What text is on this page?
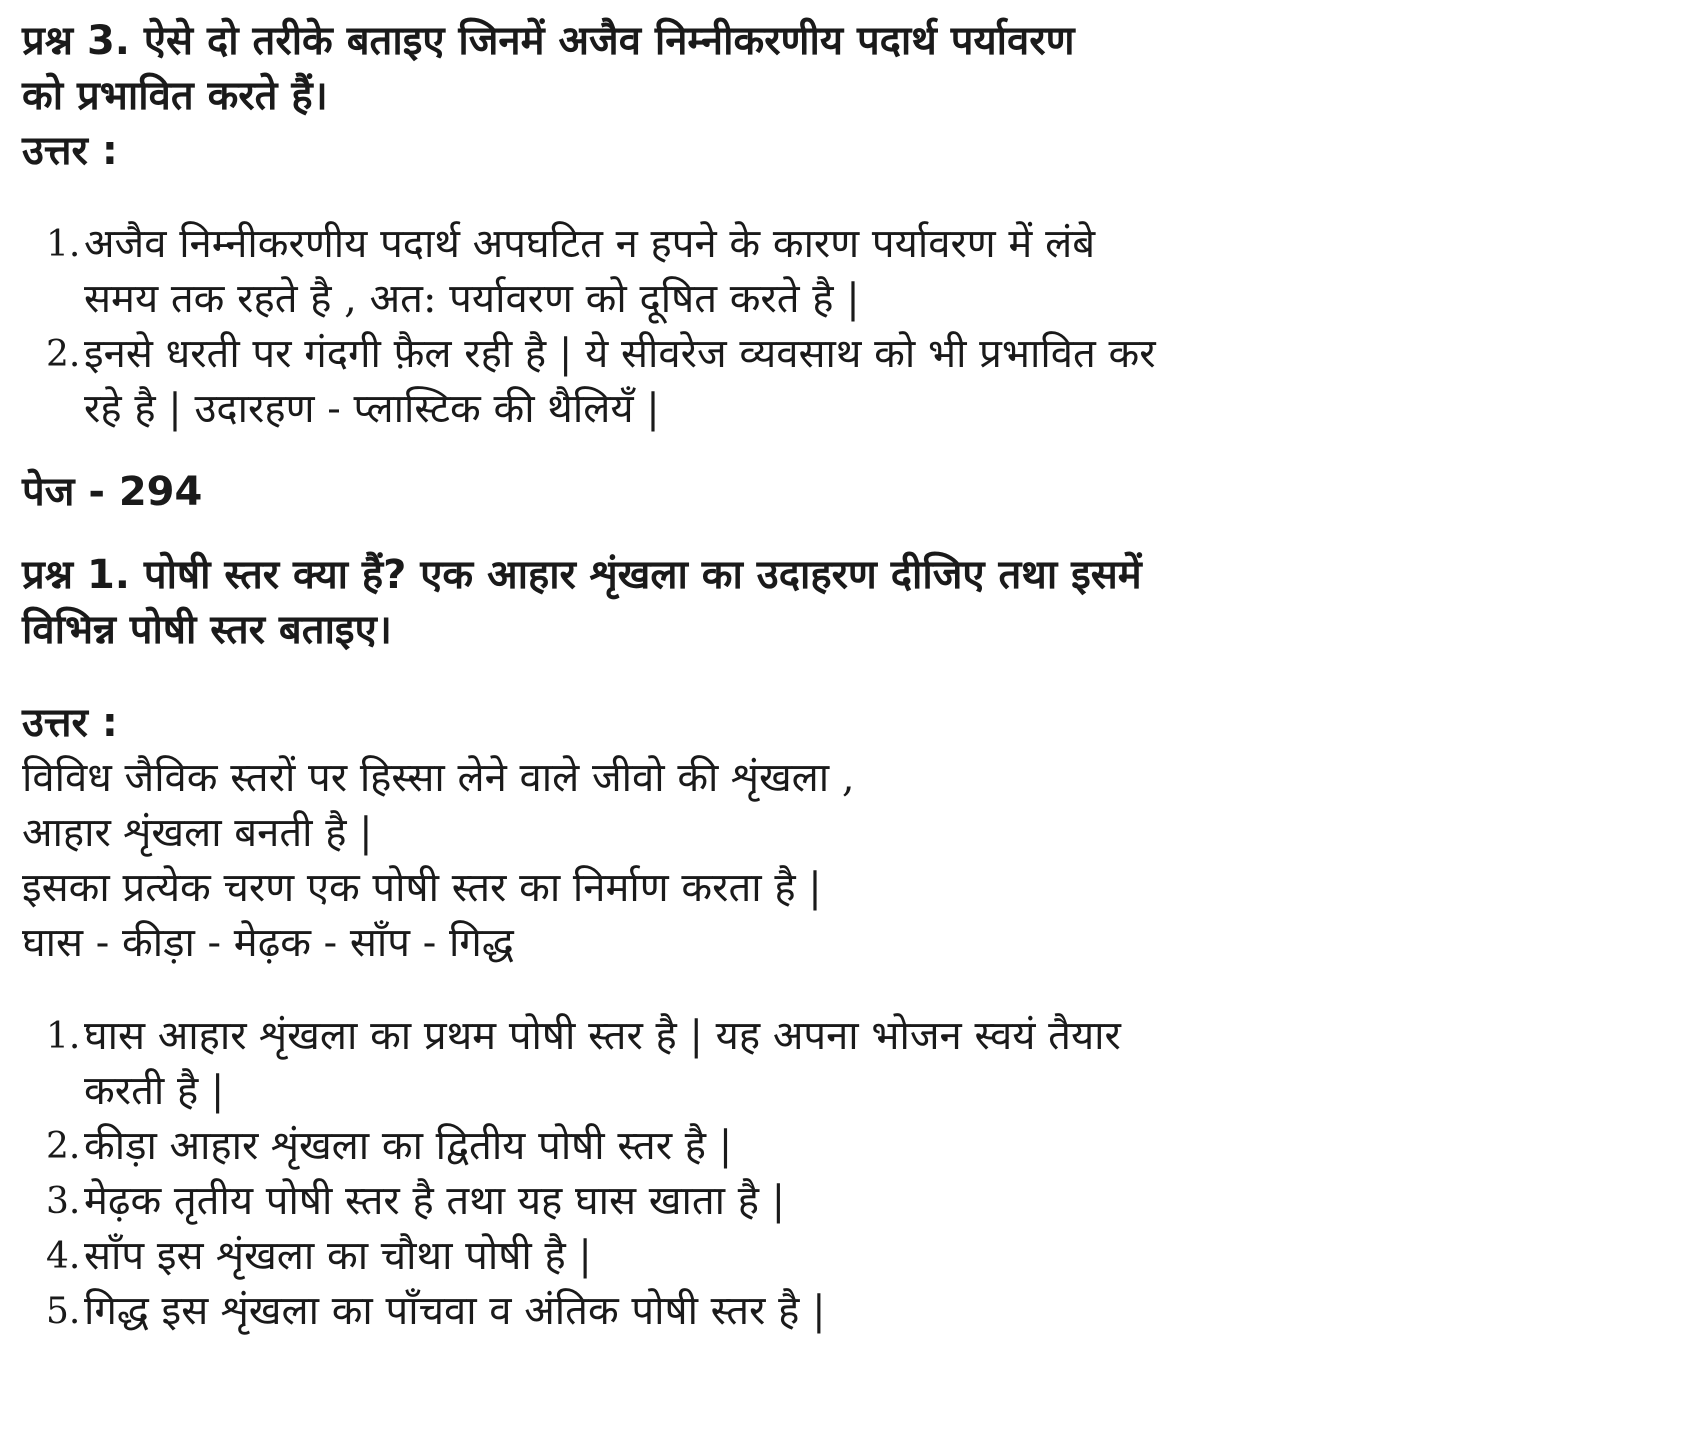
प्रश्न 3. ऐसे दो तरीके बताइए जिनमें अजैव निम्नीकरणीय पदार्थ पर्यावरण को प्रभावित करते हैं।

उत्तर :

1. अजैव निम्नीकरणीय पदार्थ अपघटित न हपने के कारण पर्यावरण में लंबे समय तक रहते है , अत: पर्यावरण को दूषित करते है |
2. इनसे धरती पर गंदगी फ़ैल रही है | ये सीवरेज व्यवसाथ को भी प्रभावित कर रहे है | उदारहण - प्लास्टिक की थैलियँ |

पेज - 294

प्रश्न 1. पोषी स्तर क्या हैं? एक आहार शृंखला का उदाहरण दीजिए तथा इसमें विभिन्न पोषी स्तर बताइए।

उत्तर :

विविध जैविक स्तरों पर हिस्सा लेने वाले जीवो की शृंखला ,

आहार शृंखला बनती है |

इसका प्रत्येक चरण एक पोषी स्तर का निर्माण करता है |

घास - कीड़ा - मेढ़क - साँप - गिद्ध

1. घास आहार शृंखला का प्रथम पोषी स्तर है | यह अपना भोजन स्वयं तैयार करती है |
2. कीड़ा आहार शृंखला का द्वितीय पोषी स्तर है |
3. मेढ़क तृतीय पोषी स्तर है तथा यह घास खाता है |
4. साँप इस शृंखला का चौथा पोषी है |
5. गिद्ध इस शृंखला का पाँचवा व अंतिक पोषी स्तर है |
